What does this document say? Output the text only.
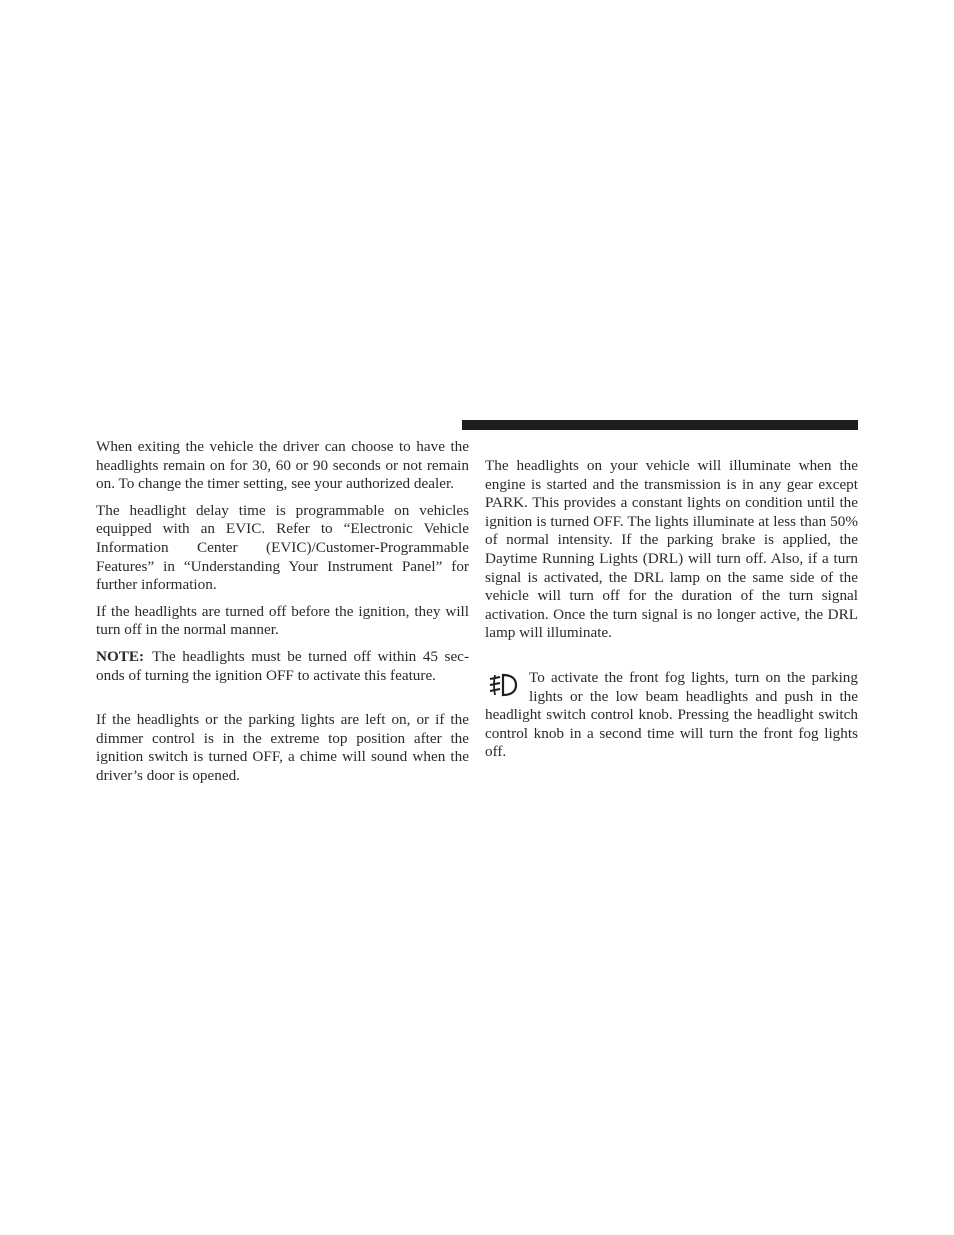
When exiting the vehicle the driver can choose to have the headlights remain on for 30, 60 or 90 seconds or not remain on. To change the timer setting, see your authorized dealer.

The headlight delay time is programmable on vehicles equipped with an EVIC. Refer to “Electronic Vehicle Information Center (EVIC)/Customer-Programmable Features” in “Understanding Your Instrument Panel” for further information.

If the headlights are turned off before the ignition, they will turn off in the normal manner.

NOTE: The headlights must be turned off within 45 seconds of turning the ignition OFF to activate this feature.

If the headlights or the parking lights are left on, or if the dimmer control is in the extreme top position after the ignition switch is turned OFF, a chime will sound when the driver’s door is opened.

The headlights on your vehicle will illuminate when the engine is started and the transmission is in any gear except PARK. This provides a constant lights on condition until the ignition is turned OFF. The lights illuminate at less than 50% of normal intensity. If the parking brake is applied, the Daytime Running Lights (DRL) will turn off. Also, if a turn signal is activated, the DRL lamp on the same side of the vehicle will turn off for the duration of the turn signal activation. Once the turn signal is no longer active, the DRL lamp will illuminate.

To activate the front fog lights, turn on the parking lights or the low beam headlights and push in the headlight switch control knob. Pressing the headlight switch control knob in a second time will turn the front fog lights off.
